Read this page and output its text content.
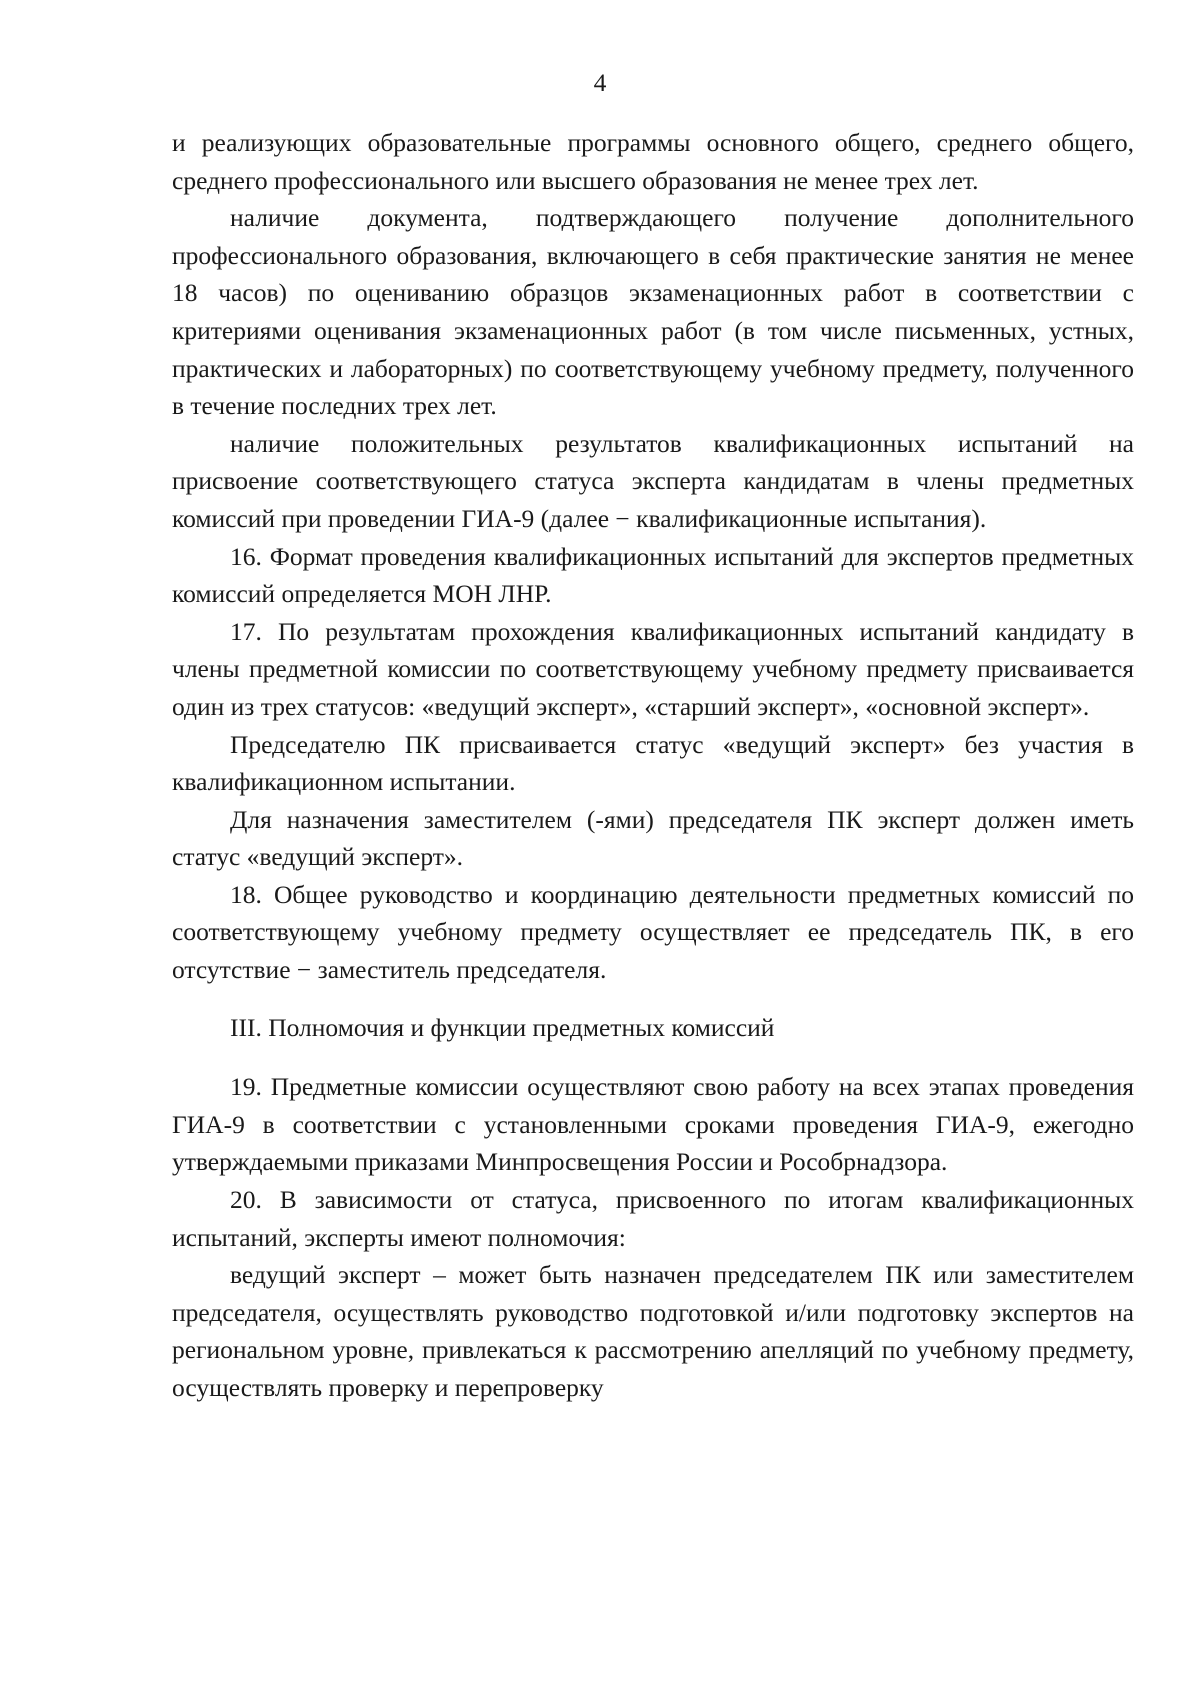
4

и реализующих образовательные программы основного общего, среднего общего, среднего профессионального или высшего образования не менее трех лет.

наличие документа, подтверждающего получение дополнительного профессионального образования, включающего в себя практические занятия не менее 18 часов) по оцениванию образцов экзаменационных работ в соответствии с критериями оценивания экзаменационных работ (в том числе письменных, устных, практических и лабораторных) по соответствующему учебному предмету, полученного в течение последних трех лет.

наличие положительных результатов квалификационных испытаний на присвоение соответствующего статуса эксперта кандидатам в члены предметных комиссий при проведении ГИА-9 (далее − квалификационные испытания).

16. Формат проведения квалификационных испытаний для экспертов предметных комиссий определяется МОН ЛНР.

17. По результатам прохождения квалификационных испытаний кандидату в члены предметной комиссии по соответствующему учебному предмету присваивается один из трех статусов: «ведущий эксперт», «старший эксперт», «основной эксперт».

Председателю ПК присваивается статус «ведущий эксперт» без участия в квалификационном испытании.

Для назначения заместителем (-ями) председателя ПК эксперт должен иметь статус «ведущий эксперт».

18. Общее руководство и координацию деятельности предметных комиссий по соответствующему учебному предмету осуществляет ее председатель ПК, в его отсутствие − заместитель председателя.

III. Полномочия и функции предметных комиссий

19. Предметные комиссии осуществляют свою работу на всех этапах проведения ГИА-9 в соответствии с установленными сроками проведения ГИА-9, ежегодно утверждаемыми приказами Минпросвещения России и Рособрнадзора.

20. В зависимости от статуса, присвоенного по итогам квалификационных испытаний, эксперты имеют полномочия:

ведущий эксперт – может быть назначен председателем ПК или заместителем председателя, осуществлять руководство подготовкой и/или подготовку экспертов на региональном уровне, привлекаться к рассмотрению апелляций по учебному предмету, осуществлять проверку и перепроверку
